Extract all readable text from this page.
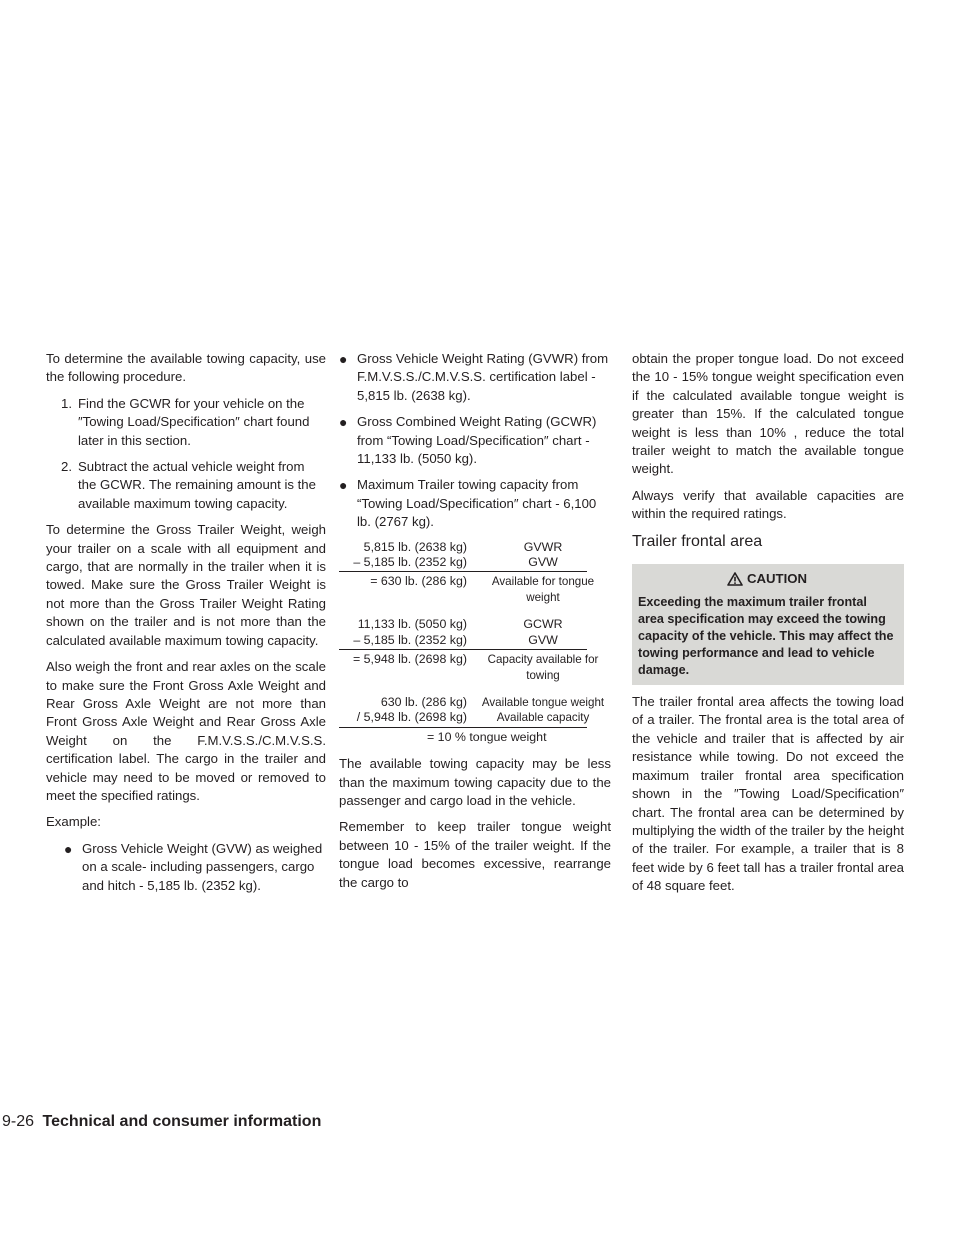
To determine the available towing capacity, use the following procedure.

1. Find the GCWR for your vehicle on the ″Towing Load/Specification″ chart found later in this section.
2. Subtract the actual vehicle weight from the GCWR. The remaining amount is the available maximum towing capacity.

To determine the Gross Trailer Weight, weigh your trailer on a scale with all equipment and cargo, that are normally in the trailer when it is towed. Make sure the Gross Trailer Weight is not more than the Gross Trailer Weight Rating shown on the trailer and is not more than the calculated available maximum towing capacity.

Also weigh the front and rear axles on the scale to make sure the Front Gross Axle Weight and Rear Gross Axle Weight are not more than Front Gross Axle Weight and Rear Gross Axle Weight on the F.M.V.S.S./C.M.V.S.S. certification label. The cargo in the trailer and vehicle may need to be moved or removed to meet the specified ratings.

Example:

● Gross Vehicle Weight (GVW) as weighed on a scale- including passengers, cargo and hitch - 5,185 lb. (2352 kg).
● Gross Vehicle Weight Rating (GVWR) from F.M.V.S.S./C.M.V.S.S. certification label - 5,815 lb. (2638 kg).
● Gross Combined Weight Rating (GCWR) from “Towing Load/Specification″ chart - 11,133 lb. (5050 kg).
● Maximum Trailer towing capacity from “Towing Load/Specification″ chart - 6,100 lb. (2767 kg).
5,815 lb. (2638 kg)	GVWR
– 5,185 lb. (2352 kg)	GVW
= 630 lb. (286 kg)	Available for tongue weight
11,133 lb. (5050 kg)	GCWR
– 5,185 lb. (2352 kg)	GVW
= 5,948 lb. (2698 kg)	Capacity available for towing
630 lb. (286 kg)	Available tongue weight
/ 5,948 lb. (2698 kg)	Available capacity
= 10 % tongue weight

The available towing capacity may be less than the maximum towing capacity due to the passenger and cargo load in the vehicle.

Remember to keep trailer tongue weight between 10 - 15% of the trailer weight. If the tongue load becomes excessive, rearrange the cargo to

obtain the proper tongue load. Do not exceed the 10 - 15% tongue weight specification even if the calculated available tongue weight is greater than 15%. If the calculated tongue weight is less than 10% , reduce the total trailer weight to match the available tongue weight.

Always verify that available capacities are within the required ratings.

Trailer frontal area
CAUTION
Exceeding the maximum trailer frontal area specification may exceed the towing capacity of the vehicle. This may affect the towing performance and lead to vehicle damage.

The trailer frontal area affects the towing load of a trailer. The frontal area is the total area of the vehicle and trailer that is affected by air resistance while towing. Do not exceed the maximum trailer frontal area specification shown in the ″Towing Load/Specification″ chart. The frontal area can be determined by multiplying the width of the trailer by the height of the trailer. For example, a trailer that is 8 feet wide by 6 feet tall has a trailer frontal area of 48 square feet.

9-26 Technical and consumer information
